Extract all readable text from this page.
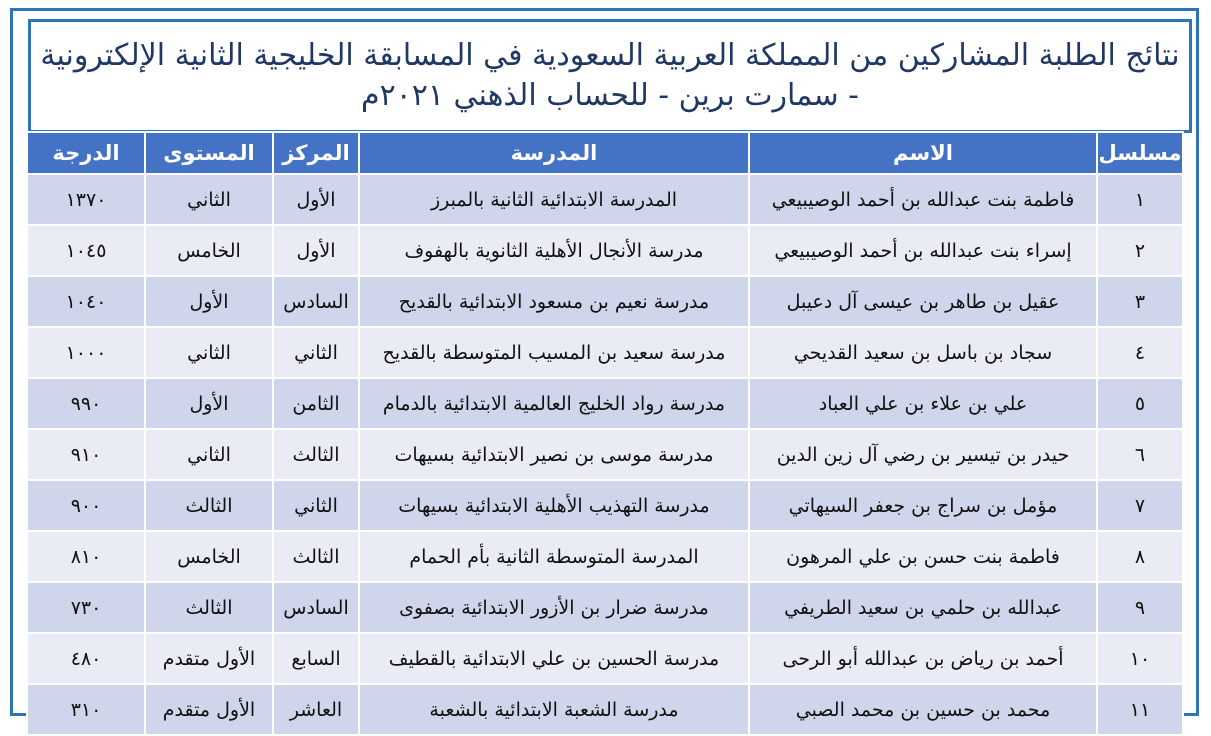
نتائج الطلبة المشاركين من المملكة العربية السعودية في المسابقة الخليجية الثانية الإلكترونية
- سمارت برين - للحساب الذهني ٢٠٢١م
مسلسل	الاسم	المدرسة	المركز	المستوى	الدرجة
١	فاطمة بنت عبدالله بن أحمد الوصيبيعي	المدرسة الابتدائية الثانية بالمبرز	الأول	الثاني	١٣٧٠
٢	إسراء بنت عبدالله بن أحمد الوصيبيعي	مدرسة الأنجال الأهلية الثانوية بالهفوف	الأول	الخامس	١٠٤٥
٣	عقيل بن طاهر بن عيسى آل دعيبل	مدرسة نعيم بن مسعود الابتدائية بالقديح	السادس	الأول	١٠٤٠
٤	سجاد بن باسل بن سعيد القديحي	مدرسة سعيد بن المسيب المتوسطة بالقديح	الثاني	الثاني	١٠٠٠
٥	علي بن علاء بن علي العباد	مدرسة رواد الخليج العالمية الابتدائية بالدمام	الثامن	الأول	٩٩٠
٦	حيدر بن تيسير بن رضي آل زين الدين	مدرسة موسى بن نصير الابتدائية بسيهات	الثالث	الثاني	٩١٠
٧	مؤمل بن سراج بن جعفر السيهاتي	مدرسة التهذيب الأهلية الابتدائية بسيهات	الثاني	الثالث	٩٠٠
٨	فاطمة بنت حسن بن علي المرهون	المدرسة المتوسطة الثانية بأم الحمام	الثالث	الخامس	٨١٠
٩	عبدالله بن حلمي بن سعيد الطريفي	مدرسة ضرار بن الأزور الابتدائية بصفوى	السادس	الثالث	٧٣٠
١٠	أحمد بن رياض بن عبدالله أبو الرحى	مدرسة الحسين بن علي الابتدائية بالقطيف	السابع	الأول متقدم	٤٨٠
١١	محمد بن حسين بن محمد الصبي	مدرسة الشعبة الابتدائية بالشعبة	العاشر	الأول متقدم	٣١٠
